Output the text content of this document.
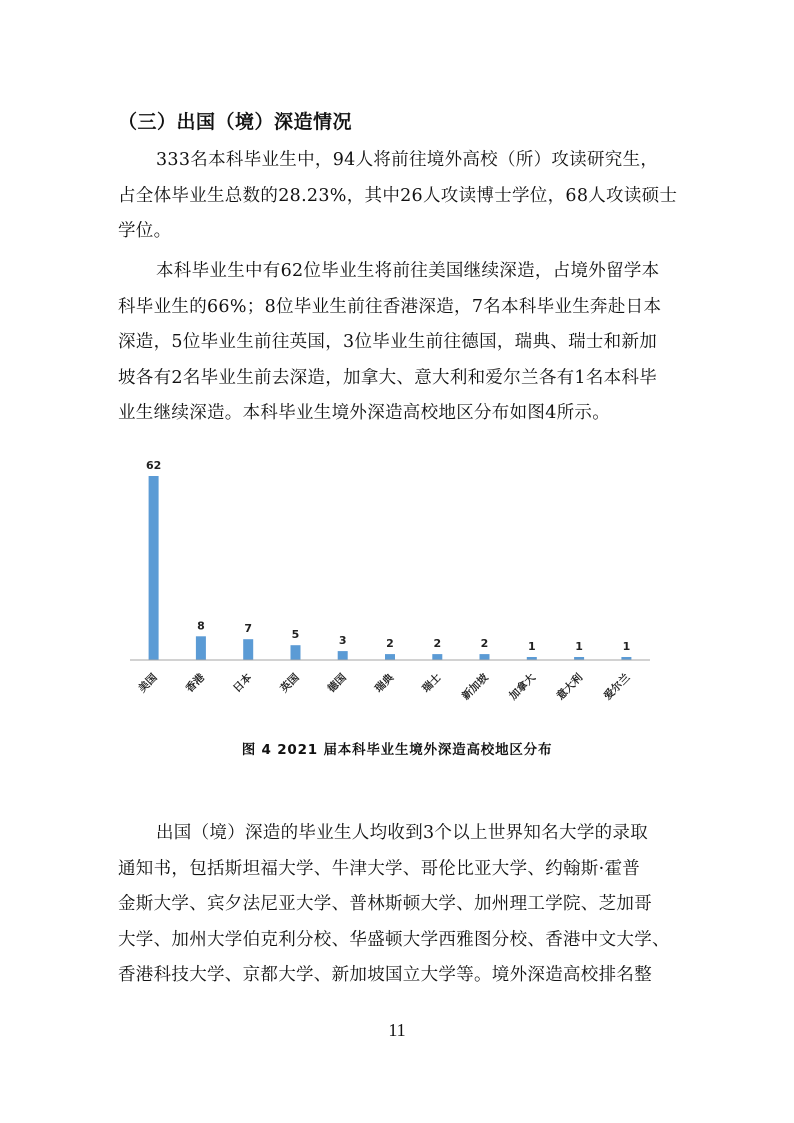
（三）出国（境）深造情况
333名本科毕业生中，94人将前往境外高校（所）攻读研究生，
占全体毕业生总数的28.23%，其中26人攻读博士学位，68人攻读硕士
学位。
本科毕业生中有62位毕业生将前往美国继续深造，占境外留学本
科毕业生的66%；8位毕业生前往香港深造，7名本科毕业生奔赴日本
深造，5位毕业生前往英国，3位毕业生前往德国，瑞典、瑞士和新加
坡各有2名毕业生前去深造，加拿大、意大利和爱尔兰各有1名本科毕
业生继续深造。本科毕业生境外深造高校地区分布如图4所示。
62
美国
8
香港
7
日本
5
英国
3
德国
2
瑞典
2
瑞士
2
新加坡
1
加拿大
1
意大利
1
爱尔兰
图 4 2021 届本科毕业生境外深造高校地区分布
出国（境）深造的毕业生人均收到3个以上世界知名大学的录取
通知书，包括斯坦福大学、牛津大学、哥伦比亚大学、约翰斯·霍普
金斯大学、宾夕法尼亚大学、普林斯顿大学、加州理工学院、芝加哥
大学、加州大学伯克利分校、华盛顿大学西雅图分校、香港中文大学、
香港科技大学、京都大学、新加坡国立大学等。境外深造高校排名整
11
